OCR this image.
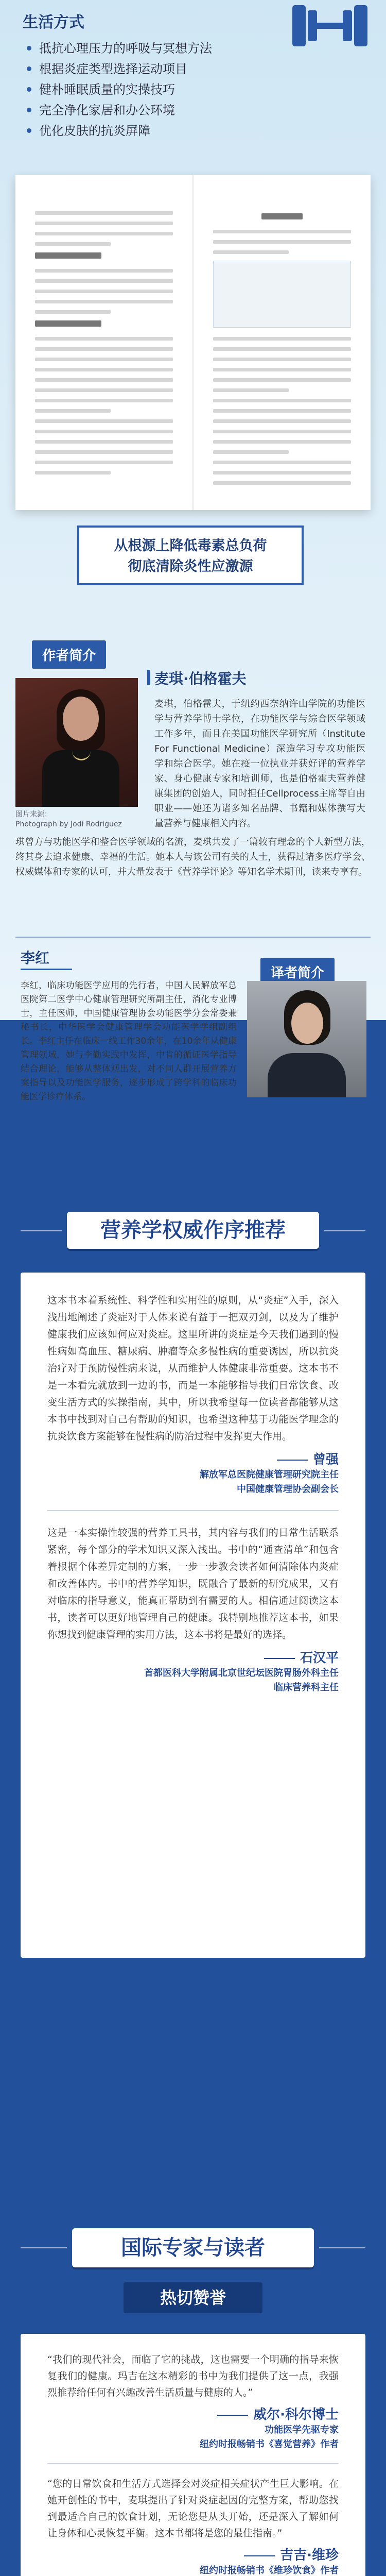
生活方式
抵抗心理压力的呼吸与冥想方法
根据炎症类型选择运动项目
健朴睡眠质量的实操技巧
完全净化家居和办公环境
优化皮肤的抗炎屏障
从根源上降低毒素总负荷
彻底清除炎性应激源
作者简介
图片来源：
Photograph by Jodi Rodriguez
麦琪·伯格霍夫
麦琪，伯格霍夫，于纽约西奈纳许山学院的功能医学与营养学博士学位，在功能医学与综合医学领域工作多年，而且在美国功能医学研究所（Institute For Functional Medicine）深造学习专攻功能医学和综合医学。她在疫一位执业并获好评的营养学家、身心健康专家和培训师，也是伯格霍夫营养健康集团的创始人，同时担任Cellprocess主席等自由职业——她还为诸多知名品牌、书籍和媒体撰写大量营养与健康相关内容。
琪曾方与功能医学和整合医学领域的名流，麦琪共发了一篇较有理念的个人新型方法，终其身去追求健康、幸福的生活。她本人与该公司有关的人士，获得过诸多医疗学会、权威媒体和专家的认可，并大量发表于《营养学评论》等知名学术期刊，读来专享有。
李红
李红，临床功能医学应用的先行者，中国人民解放军总医院第二医学中心健康管理研究所副主任，消化专业博士，主任医师，中国健康管理协会功能医学分会常委兼秘书长，中华医学会健康管理学会功能医学学组副组长。李红主任在临床一线工作30余年，在10余年从健康管理领域，她与李勤实践中发挥，中肯的循证医学指导结合理论，能够从整体观出发，对不同人群开展营养方案指导以及功能医学服务，逐步形成了跨学科的临床功能医学诊疗体系。
译者简介
营养学权威作序推荐
这本书本着系统性、科学性和实用性的原则，从“炎症”入手，深入浅出地阐述了炎症对于人体来说有益于一把双刃剑，以及为了维护健康我们应该如何应对炎症。这里所讲的炎症是今天我们遇到的慢性病如高血压、糖尿病、肿瘤等众多慢性病的重要诱因，所以抗炎治疗对于预防慢性病来说，从而维护人体健康非常重要。这本书不是一本看完就放到一边的书，而是一本能够指导我们日常饮食、改变生活方式的实操指南，其中，所以我希望每一位读者都能够从这本书中找到对自己有帮助的知识，也希望这种基于功能医学理念的抗炎饮食方案能够在慢性病的防治过程中发挥更大作用。
曾强
解放军总医院健康管理研究院主任
中国健康管理协会副会长
这是一本实操性较强的营养工具书，其内容与我们的日常生活联系紧密，每个部分的学术知识又深入浅出。书中的“通查清单”和包含着根据个体差异定制的方案，一步一步教会读者如何清除体内炎症和改善体内。书中的营养学知识，既融合了最新的研究成果，又有对临床的指导意义，能真正帮助到有需要的人。相信通过阅读这本书，读者可以更好地管理自己的健康。我特别地推荐这本书，如果你想找到健康管理的实用方法，这本书将是最好的选择。
石汉平
首都医科大学附属北京世纪坛医院胃肠外科主任
临床营养科主任
国际专家与读者
热切赞誉
“我们的现代社会，面临了它的挑战，这也需要一个明确的指导来恢复我们的健康。玛吉在这本精彩的书中为我们提供了这一点，我强烈推荐给任何有兴趣改善生活质量与健康的人。”
威尔·科尔博士
功能医学先驱专家
纽约时报畅销书《喜觉营养》作者
“您的日常饮食和生活方式选择会对炎症相关症状产生巨大影响。在她开创性的书中，麦琪提出了针对炎症起因的完整方案，帮助您找到最适合自己的饮食计划，无论您是从头开始，还是深入了解如何让身体和心灵恢复平衡。这本书都将是您的最佳指南。”
吉吉·维珍
纽约时报畅销书《维珍饮食》作者
